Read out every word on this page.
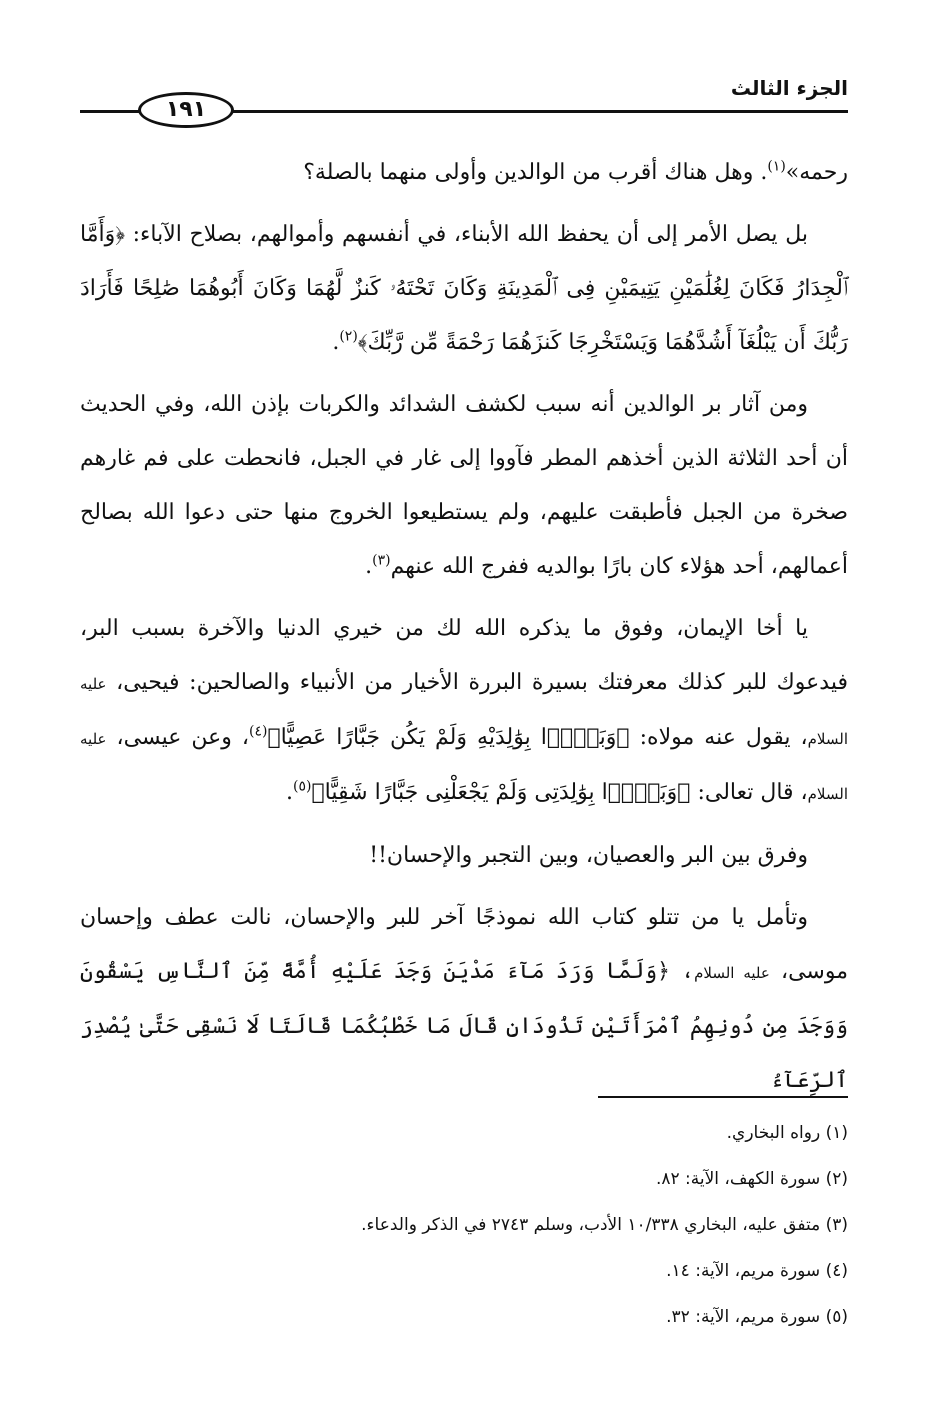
الجزء الثالث
١٩١

رحمه»$^{(١)}$. وهل هناك أقرب من الوالدين وأولى منهما بالصلة؟

بل يصل الأمر إلى أن يحفظ الله الأبناء، في أنفسهم وأموالهم، بصلاح الآباء: ﴿وَأَمَّا ٱلْجِدَارُ فَكَانَ لِغُلَٰمَيْنِ يَتِيمَيْنِ فِى ٱلْمَدِينَةِ وَكَانَ تَحْتَهُۥ كَنزٌ لَّهُمَا وَكَانَ أَبُوهُمَا صَٰلِحًا فَأَرَادَ رَبُّكَ أَن يَبْلُغَآ أَشُدَّهُمَا وَيَسْتَخْرِجَا كَنزَهُمَا رَحْمَةً مِّن رَّبِّكَ﴾$^{(٢)}$.

ومن آثار بر الوالدين أنه سبب لكشف الشدائد والكربات بإذن الله، وفي الحديث أن أحد الثلاثة الذين أخذهم المطر فآووا إلى غار في الجبل، فانحطت على فم غارهم صخرة من الجبل فأطبقت عليهم، ولم يستطيعوا الخروج منها حتى دعوا الله بصالح أعمالهم، أحد هؤلاء كان بارًا بوالديه ففرج الله عنهم$^{(٣)}$.

يا أخا الإيمان، وفوق ما يذكره الله لك من خيري الدنيا والآخرة بسبب البر، فيدعوك للبر كذلك معرفتك بسيرة البررة الأخيار من الأنبياء والصالحين: فيحيى، عليه السلام، يقول عنه مولاه: ﴿وَبَرًّۢا بِوَٰلِدَيْهِ وَلَمْ يَكُن جَبَّارًا عَصِيًّا﴾$^{(٤)}$، وعن عيسى، عليه السلام، قال تعالى: ﴿وَبَرًّۢا بِوَٰلِدَتِى وَلَمْ يَجْعَلْنِى جَبَّارًا شَقِيًّا﴾$^{(٥)}$.

وفرق بين البر والعصيان، وبين التجبر والإحسان!!

وتأمل يا من تتلو كتاب الله نموذجًا آخر للبر والإحسان، نالت عطف وإحسان موسى، عليه السلام، ﴿وَلَمَّا وَرَدَ مَآءَ مَدْيَنَ وَجَدَ عَلَيْهِ أُمَّةً مِّنَ ٱلنَّاسِ يَسْقُونَ وَوَجَدَ مِن دُونِهِمُ ٱمْرَأَتَيْنِ تَذُودَانِ قَالَ مَا خَطْبُكُمَا قَالَتَا لَا نَسْقِى حَتَّىٰ يُصْدِرَ ٱلرِّعَآءُ

(١) رواه البخاري.
(٢) سورة الكهف، الآية: ٨٢.
(٣) متفق عليه، البخاري ١٠/٣٣٨ الأدب، وسلم ٢٧٤٣ في الذكر والدعاء.
(٤) سورة مريم، الآية: ١٤.
(٥) سورة مريم، الآية: ٣٢.
